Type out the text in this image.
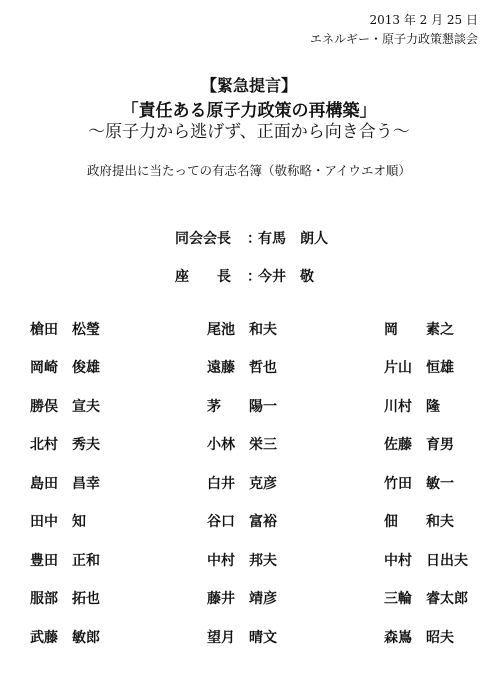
2013 年 2 月 25 日
エネルギー・原子力政策懇談会
【緊急提言】
「責任ある原子力政策の再構築」
～原子力から逃げず、正面から向き合う～
政府提出に当たっての有志名簿（敬称略・アイウエオ順）
同会会長	：
有馬　朗人
座　　長	：
今井　敬
槍田　松瑩
岡崎　俊雄
勝俣　宣夫
北村　秀夫
島田　昌幸
田中　知
豊田　正和
服部　拓也
武藤　敏郎
尾池　和夫
遠藤　哲也
茅　　陽一
小林　栄三
白井　克彦
谷口　富裕
中村　邦夫
藤井　靖彦
望月　晴文
岡　　素之
片山　恒雄
川村　隆
佐藤　育男
竹田　敏一
佃　　和夫
中村　日出夫
三輪　睿太郎
森嶌　昭夫
